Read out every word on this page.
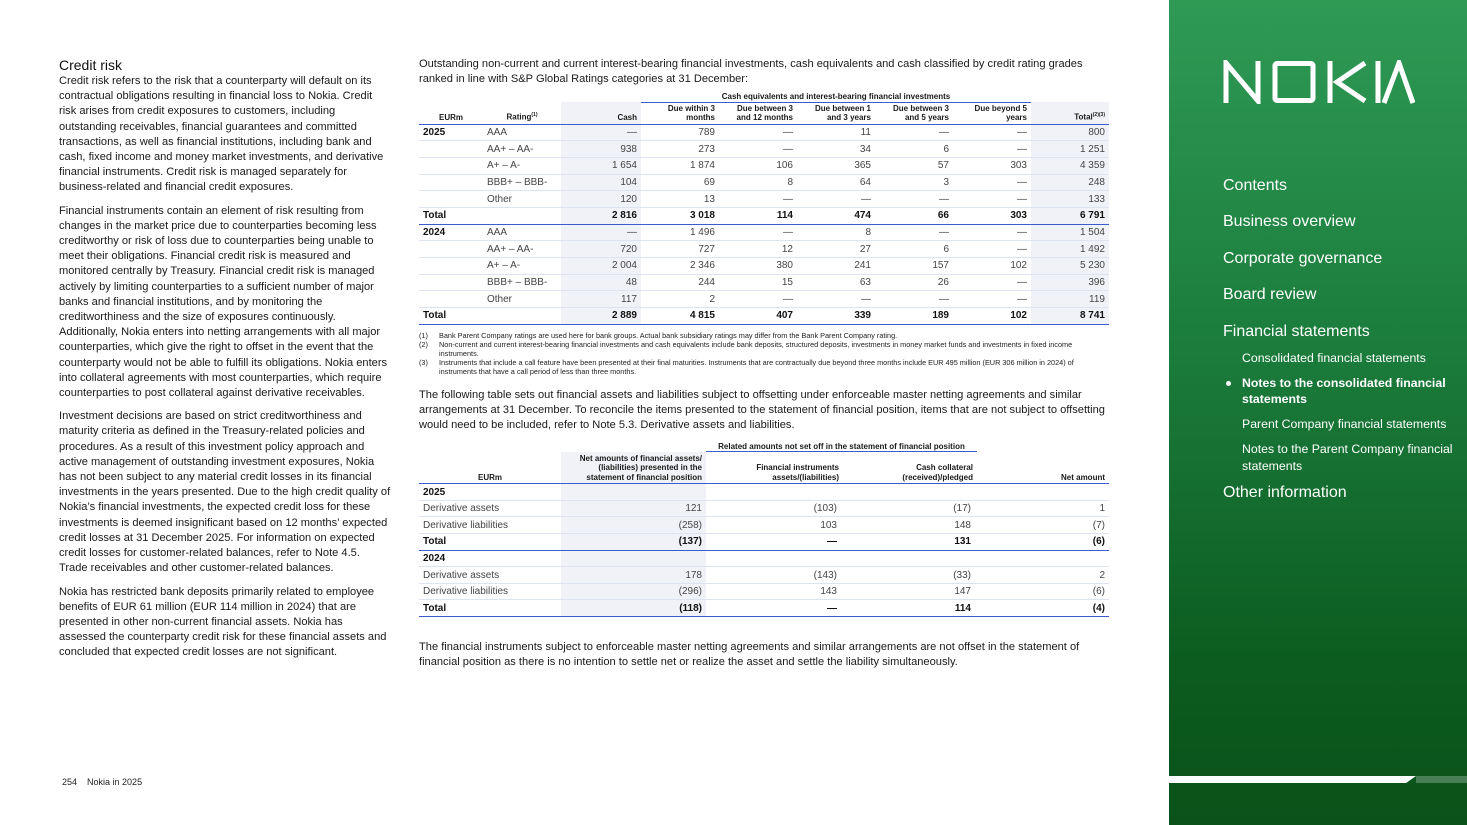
Credit risk

Credit risk refers to the risk that a counterparty will default on its contractual obligations resulting in financial loss to Nokia. Credit risk arises from credit exposures to customers, including outstanding receivables, financial guarantees and committed transactions, as well as financial institutions, including bank and cash, fixed income and money market investments, and derivative financial instruments. Credit risk is managed separately for business-related and financial credit exposures.

Financial instruments contain an element of risk resulting from changes in the market price due to counterparties becoming less creditworthy or risk of loss due to counterparties being unable to meet their obligations. Financial credit risk is measured and monitored centrally by Treasury. Financial credit risk is managed actively by limiting counterparties to a sufficient number of major banks and financial institutions, and by monitoring the creditworthiness and the size of exposures continuously. Additionally, Nokia enters into netting arrangements with all major counterparties, which give the right to offset in the event that the counterparty would not be able to fulfill its obligations. Nokia enters into collateral agreements with most counterparties, which require counterparties to post collateral against derivative receivables.

Investment decisions are based on strict creditworthiness and maturity criteria as defined in the Treasury-related policies and procedures. As a result of this investment policy approach and active management of outstanding investment exposures, Nokia has not been subject to any material credit losses in its financial investments in the years presented. Due to the high credit quality of Nokia’s financial investments, the expected credit loss for these investments is deemed insignificant based on 12 months’ expected credit losses at 31 December 2025. For information on expected credit losses for customer-related balances, refer to Note 4.5. Trade receivables and other customer-related balances.

Nokia has restricted bank deposits primarily related to employee benefits of EUR 61 million (EUR 114 million in 2024) that are presented in other non-current financial assets. Nokia has assessed the counterparty credit risk for these financial assets and concluded that expected credit losses are not significant.

Outstanding non-current and current interest-bearing financial investments, cash equivalents and cash classified by credit rating grades ranked in line with S&P Global Ratings categories at 31 December:

			Cash equivalents and interest-bearing financial investments					
EURm	Rating$^{(1)}$	Cash	Due within 3 months	Due between 3 and 12 months	Due between 1 and 3 years	Due between 3 and 5 years	Due beyond 5 years	Total$^{(2)(3)}$
2025	AAA	—	789	—	11	—	—	800
	AA+ – AA-	938	273	—	34	6	—	1 251
	A+ – A-	1 654	1 874	106	365	57	303	4 359
	BBB+ – BBB-	104	69	8	64	3	—	248
	Other	120	13	—	—	—	—	133
Total		2 816	3 018	114	474	66	303	6 791
2024	AAA	—	1 496	—	8	—	—	1 504
	AA+ – AA-	720	727	12	27	6	—	1 492
	A+ – A-	2 004	2 346	380	241	157	102	5 230
	BBB+ – BBB-	48	244	15	63	26	—	396
	Other	117	2	—	—	—	—	119
Total		2 889	4 815	407	339	189	102	8 741
(1)	Bank Parent Company ratings are used here for bank groups. Actual bank subsidiary ratings may differ from the Bank Parent Company rating.
(2)	Non-current and current interest-bearing financial investments and cash equivalents include bank deposits, structured deposits, investments in money market funds and investments in fixed income instruments.
(3)	Instruments that include a call feature have been presented at their final maturities. Instruments that are contractually due beyond three months include EUR 495 million (EUR 306 million in 2024) of instruments that have a call period of less than three months.

The following table sets out financial assets and liabilities subject to offsetting under enforceable master netting agreements and similar arrangements at 31 December. To reconcile the items presented to the statement of financial position, items that are not subject to offsetting would need to be included, refer to Note 5.3. Derivative assets and liabilities.

		Related amounts not set off in the statement of financial position		
EURm	Net amounts of financial assets/ (liabilities) presented in the statement of financial position	Financial instruments assets/(liabilities)	Cash collateral (received)/pledged	Net amount
2025				
Derivative assets	121	(103)	(17)	1
Derivative liabilities	(258)	103	148	(7)
Total	(137)	—	131	(6)
2024				
Derivative assets	178	(143)	(33)	2
Derivative liabilities	(296)	143	147	(6)
Total	(118)	—	114	(4)

The financial instruments subject to enforceable master netting agreements and similar arrangements are not offset in the statement of financial position as there is no intention to settle net or realize the asset and settle the liability simultaneously.

254 Nokia in 2025
Contents
Business overview
Corporate governance
Board review
Financial statements
Consolidated financial statements
Notes to the consolidated financial statements
Parent Company financial statements
Notes to the Parent Company financial statements
Other information
